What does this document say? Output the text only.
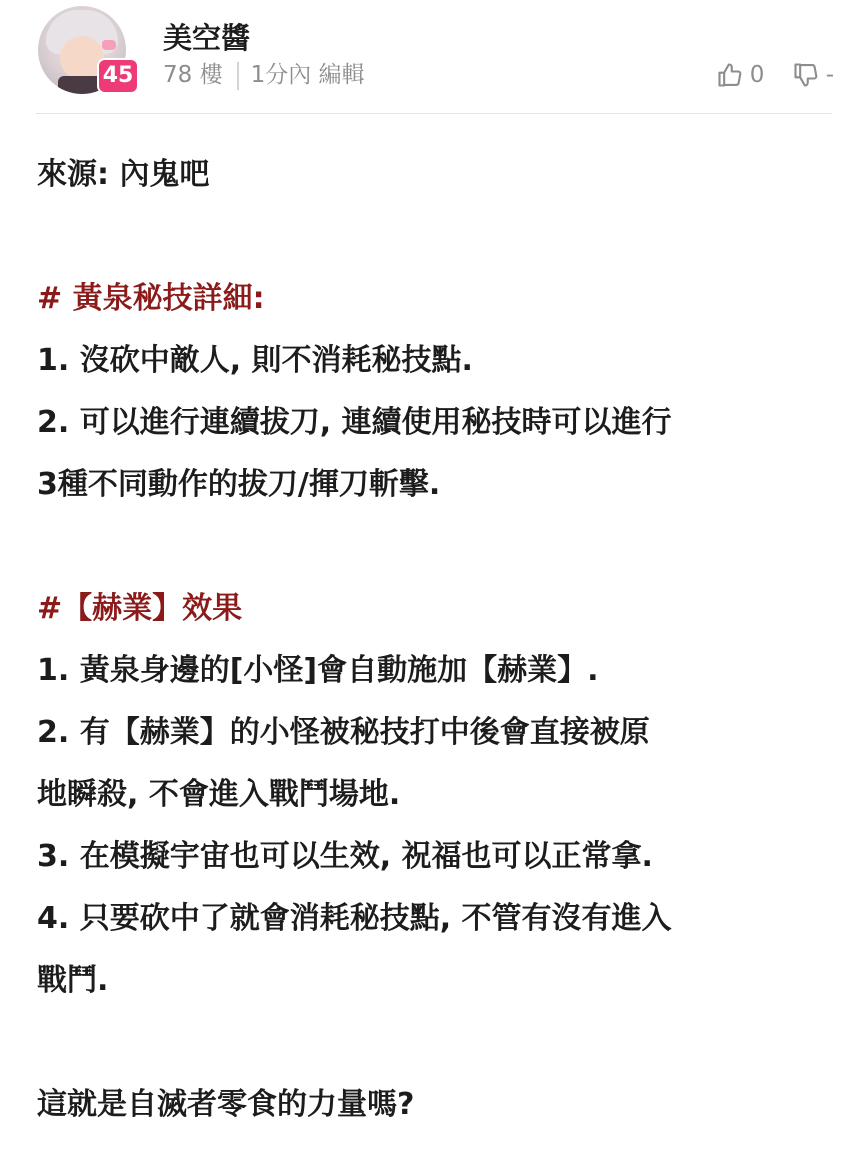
45
美空醬
78 樓 1分內 編輯	0
	-
來源: 內鬼吧
# 黃泉秘技詳細:
1. 沒砍中敵人, 則不消耗秘技點.
2. 可以進行連續拔刀, 連續使用秘技時可以進行
3種不同動作的拔刀/揮刀斬擊.
#【赫業】效果
1. 黃泉身邊的[小怪]會自動施加【赫業】.
2. 有【赫業】的小怪被秘技打中後會直接被原
地瞬殺, 不會進入戰鬥場地.
3. 在模擬宇宙也可以生效, 祝福也可以正常拿.
4. 只要砍中了就會消耗秘技點, 不管有沒有進入
戰鬥.
這就是自滅者零食的力量嗎?
